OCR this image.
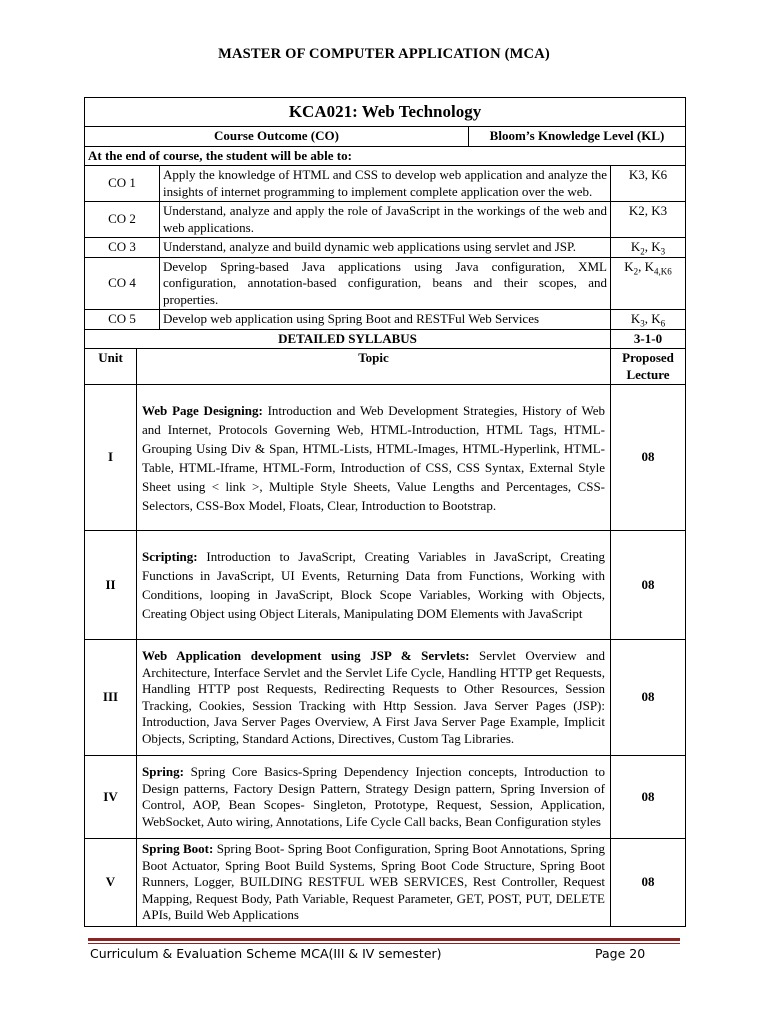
MASTER OF COMPUTER APPLICATION (MCA)
KCA021: Web Technology				
Course Outcome (CO)			Bloom’s Knowledge Level (KL)	
At the end of course, the student will be able to:				
CO 1		Apply the knowledge of HTML and CSS to develop web application and analyze the insights of internet programming to implement complete application over the web.		K3, K6
CO 2		Understand, analyze and apply the role of JavaScript in the workings of the web and web applications.		K2, K3
CO 3		Understand, analyze and build dynamic web applications using servlet and JSP.		$K_2$, $K_3$
CO 4		Develop Spring-based Java applications using Java configuration, XML configuration, annotation-based configuration, beans and their scopes, and properties.		$K_2$, $K_{4,K6}$
CO 5		Develop web application using Spring Boot and RESTFul Web Services		$K_3$, $K_6$
DETAILED SYLLABUS				3-1-0
Unit	Topic			Proposed Lecture
I	Web Page Designing: Introduction and Web Development Strategies, History of Web and Internet, Protocols Governing Web, HTML-Introduction, HTML Tags, HTML-Grouping Using Div & Span, HTML-Lists, HTML-Images, HTML-Hyperlink, HTML-Table, HTML-Iframe, HTML-Form, Introduction of CSS, CSS Syntax, External Style Sheet using < link >, Multiple Style Sheets, Value Lengths and Percentages, CSS-Selectors, CSS-Box Model, Floats, Clear, Introduction to Bootstrap.			08
II	Scripting: Introduction to JavaScript, Creating Variables in JavaScript, Creating Functions in JavaScript, UI Events, Returning Data from Functions, Working with Conditions, looping in JavaScript, Block Scope Variables, Working with Objects, Creating Object using Object Literals, Manipulating DOM Elements with JavaScript			08
III	Web Application development using JSP & Servlets: Servlet Overview and Architecture, Interface Servlet and the Servlet Life Cycle, Handling HTTP get Requests, Handling HTTP post Requests, Redirecting Requests to Other Resources, Session Tracking, Cookies, Session Tracking with Http Session. Java Server Pages (JSP): Introduction, Java Server Pages Overview, A First Java Server Page Example, Implicit Objects, Scripting, Standard Actions, Directives, Custom Tag Libraries.			08
IV	Spring: Spring Core Basics-Spring Dependency Injection concepts, Introduction to Design patterns, Factory Design Pattern, Strategy Design pattern, Spring Inversion of Control, AOP, Bean Scopes- Singleton, Prototype, Request, Session, Application, WebSocket, Auto wiring, Annotations, Life Cycle Call backs, Bean Configuration styles			08
V	Spring Boot: Spring Boot- Spring Boot Configuration, Spring Boot Annotations, Spring Boot Actuator, Spring Boot Build Systems, Spring Boot Code Structure, Spring Boot Runners, Logger, BUILDING RESTFUL WEB SERVICES, Rest Controller, Request Mapping, Request Body, Path Variable, Request Parameter, GET, POST, PUT, DELETE APIs, Build Web Applications			08
Curriculum & Evaluation Scheme MCA(III & IV semester)	Page 20
